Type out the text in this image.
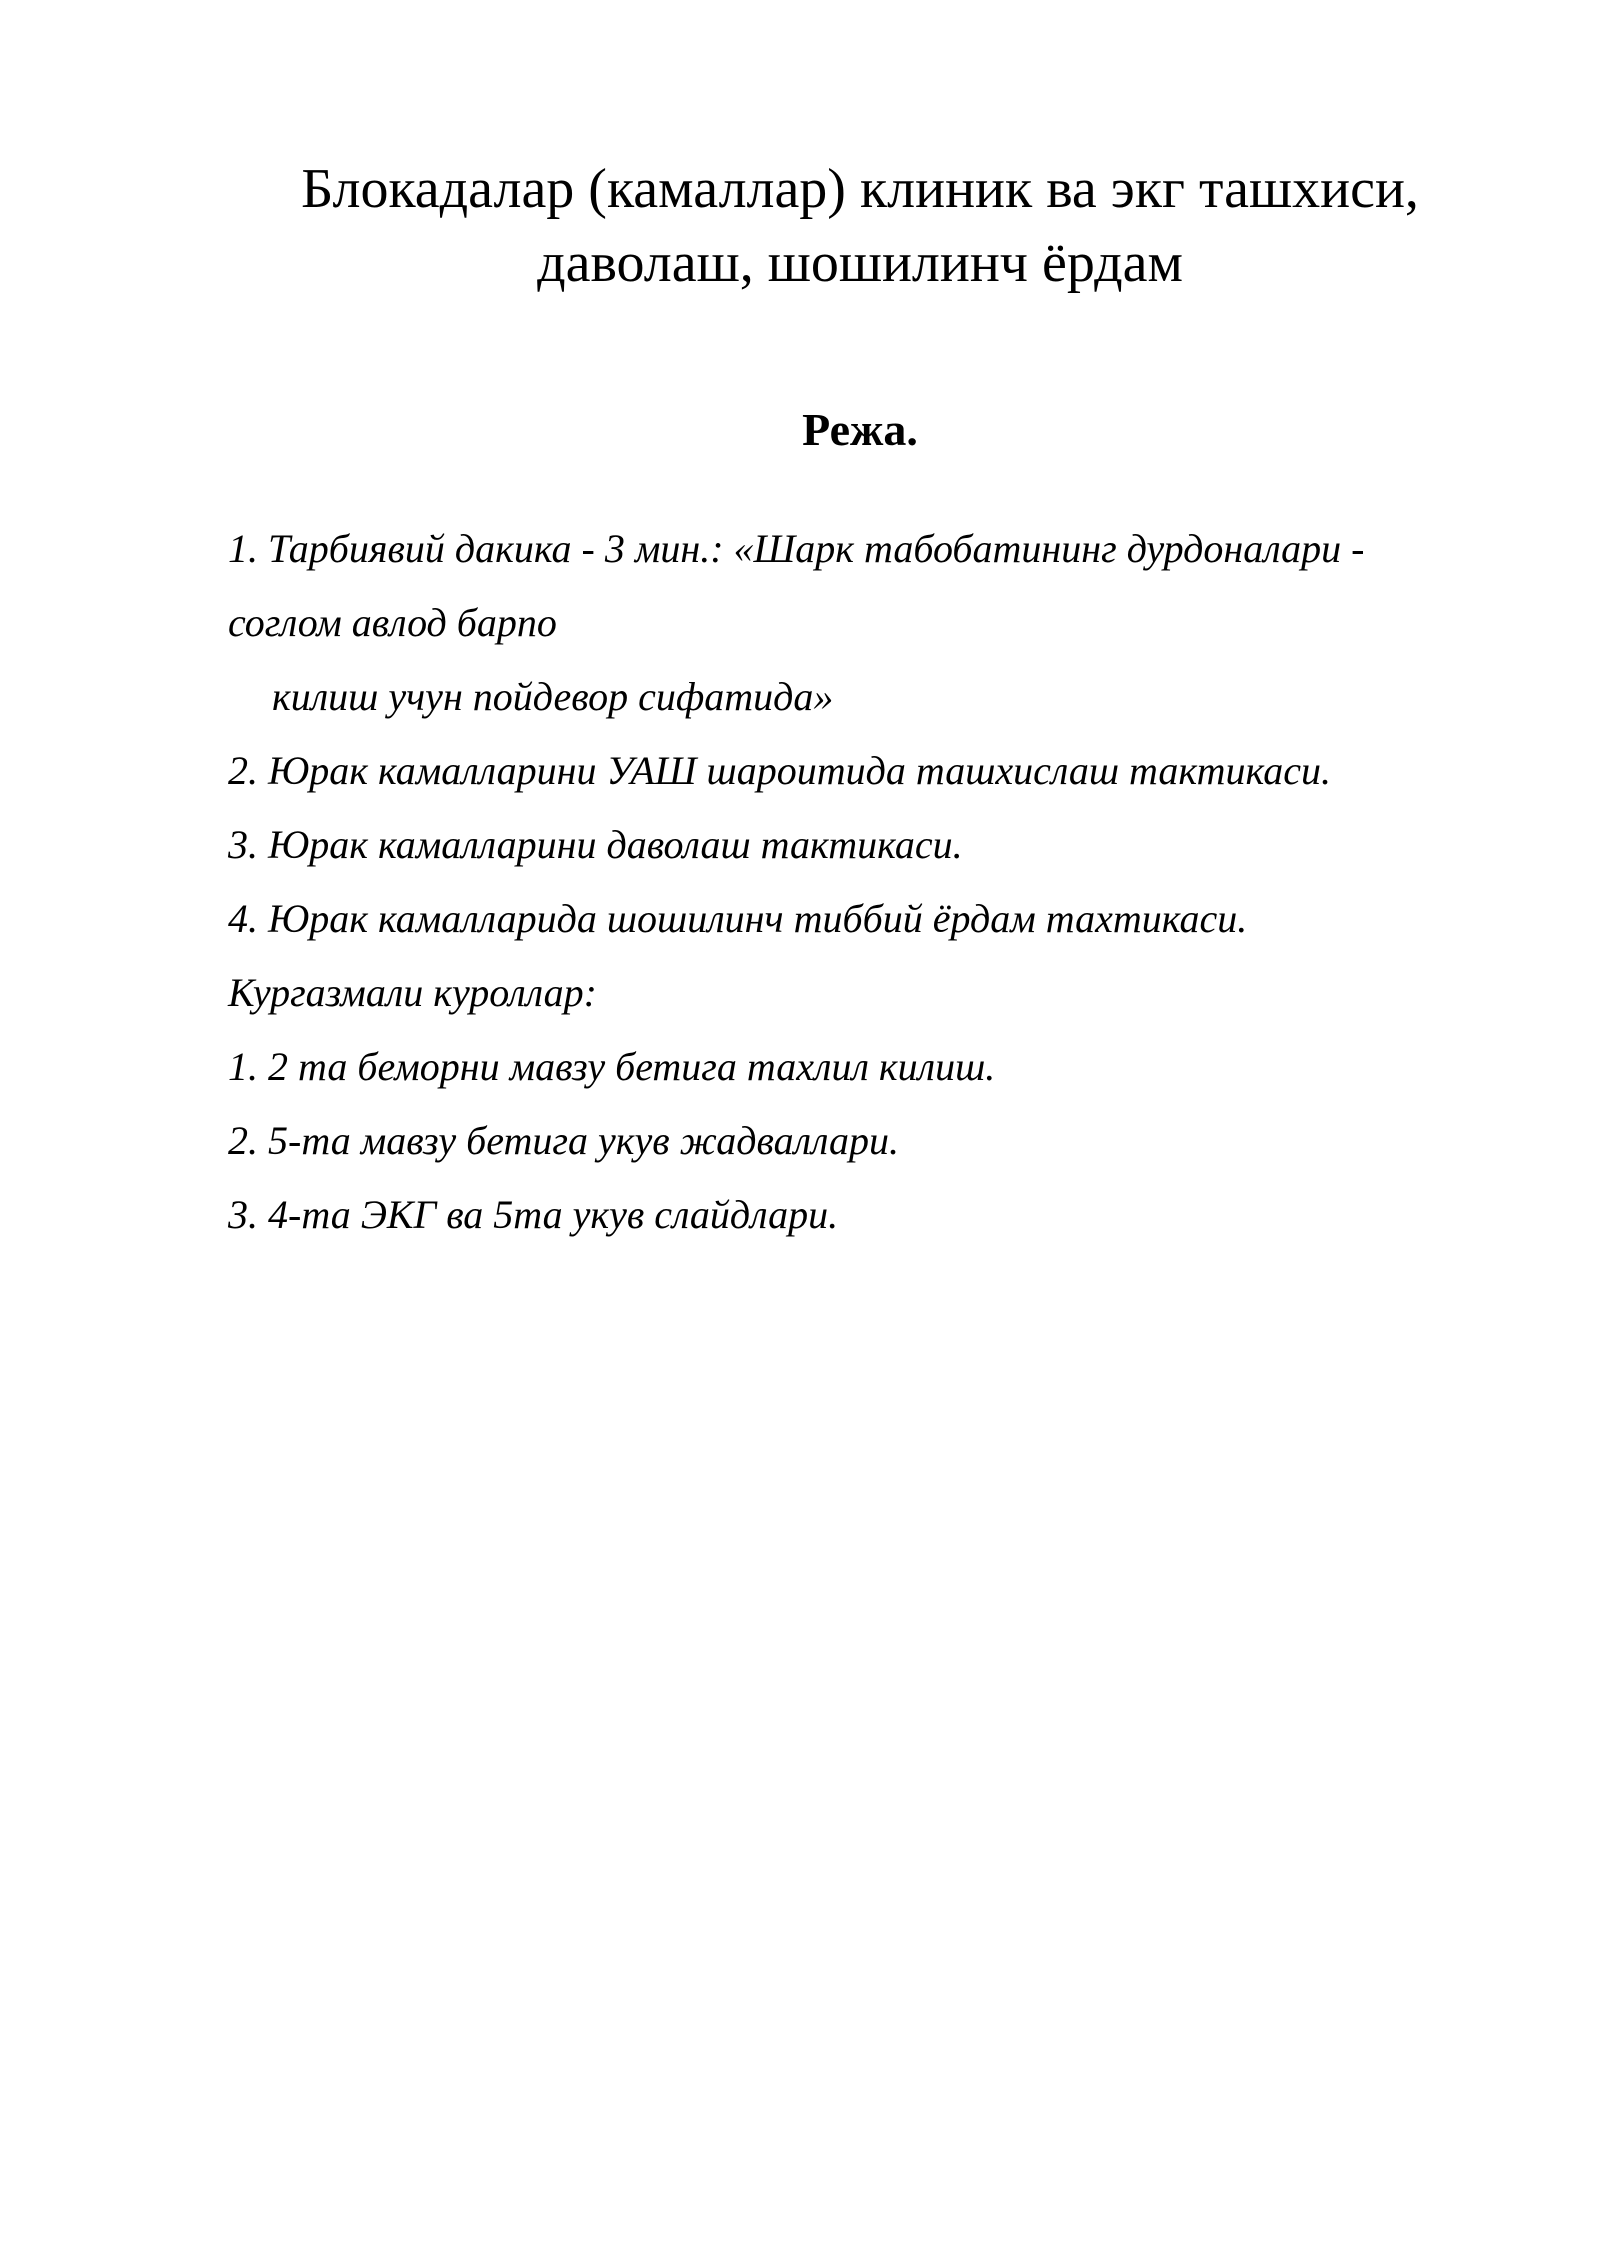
Блокадалар (камаллар) клиник ва экг ташхиси,
даволаш, шошилинч ёрдам
Режа.

1. Тарбиявий дакика - 3 мин.: «Шарк табобатининг дурдоналари -

соглом авлод барпо

килиш учун пойдевор сифатида»

2. Юрак камалларини УАШ шароитида ташхислаш тактикаси.

3. Юрак камалларини даволаш тактикаси.

4. Юрак камалларида шошилинч тиббий ёрдам тахтикаси.

Кургазмали куроллар:

1. 2 та беморни мавзу бетига тахлил килиш.

2. 5-та мавзу бетига укув жадваллари.

3. 4-та ЭКГ ва 5та укув слайдлари.
